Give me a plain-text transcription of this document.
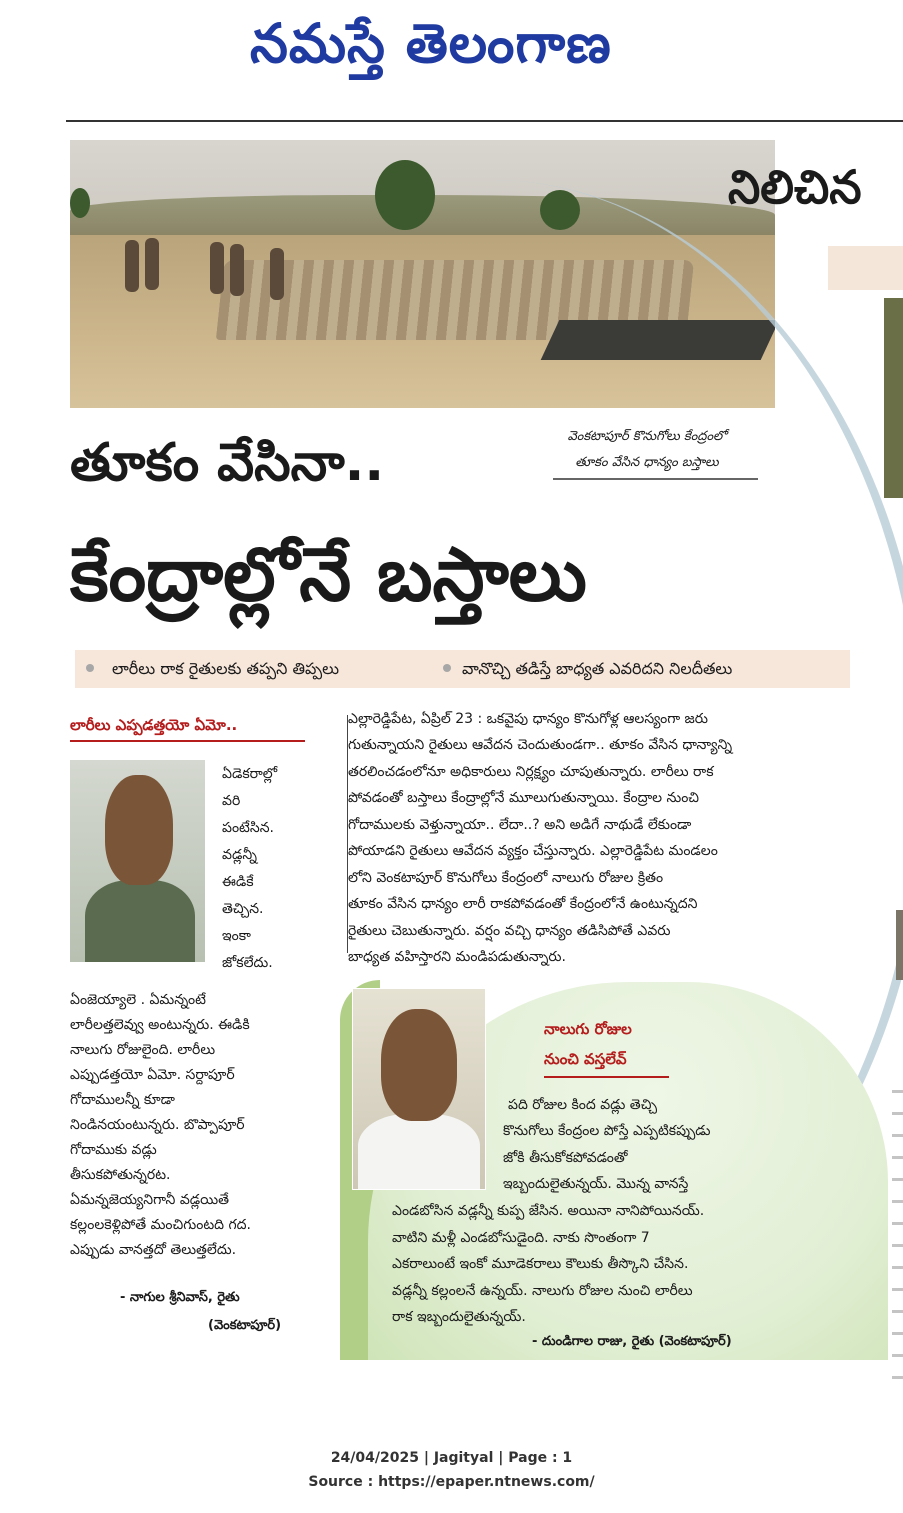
నమస్తే తెలంగాణ
నిలిచిన
వెంకటాపూర్ కొనుగోలు కేంద్రంలో
తూకం వేసిన ధాన్యం బస్తాలు
తూకం వేసినా..
కేంద్రాల్లోనే బస్తాలు
లారీలు రాక రైతులకు తప్పని తిప్పలు	వానొచ్చి తడిస్తే బాధ్యత ఎవరిదని నిలదీతలు
లారీలు ఎప్పడత్తయో ఏమో..
ఏడెకరాల్లో
వరి
పంటేసిన.
వడ్లన్నీ
ఈడికే
తెచ్చిన.
ఇంకా
జోకలేదు.
ఏంజెయ్యాలె . ఏమన్నంటే
లారీలత్తలెవ్వు అంటున్నరు. ఈడికి
నాలుగు రోజులైంది. లారీలు
ఎప్పుడత్తయో ఏమో. సర్దాపూర్
గోదాములన్నీ కూడా
నిండినయంటున్నరు. బొప్పాపూర్
గోదాముకు వడ్లు
తీసుకపోతున్నరట.
ఏమన్నజెయ్యనిగానీ వడ్లయితే
కల్లంలకెళ్లిపోతే మంచిగుంటది గద.
ఎప్పుడు వానత్తదో తెలుత్తలేదు.
- నాగుల శ్రీనివాస్, రైతు
(వెంకటాపూర్)
ఎల్లారెడ్డిపేట, ఏప్రిల్ 23 : ఒకవైపు ధాన్యం కొనుగోళ్ల ఆలస్యంగా జరు
గుతున్నాయని రైతులు ఆవేదన చెందుతుండగా.. తూకం వేసిన ధాన్యాన్ని
తరలించడంలోనూ అధికారులు నిర్లక్ష్యం చూపుతున్నారు. లారీలు రాక
పోవడంతో బస్తాలు కేంద్రాల్లోనే మూలుగుతున్నాయి. కేంద్రాల నుంచి
గోదాములకు వెళ్తున్నాయా.. లేదా..? అని అడిగే నాథుడే లేకుండా
పోయాడని రైతులు ఆవేదన వ్యక్తం చేస్తున్నారు. ఎల్లారెడ్డిపేట మండలం
లోని వెంకటాపూర్ కొనుగోలు కేంద్రంలో నాలుగు రోజుల క్రితం
తూకం వేసిన ధాన్యం లారీ రాకపోవడంతో కేంద్రంలోనే ఉంటున్నదని
రైతులు చెబుతున్నారు. వర్షం వచ్చి ధాన్యం తడిసిపోతే ఎవరు
బాధ్యత వహిస్తారని మండిపడుతున్నారు.
నాలుగు రోజుల
నుంచి వస్తలేవ్
పది రోజుల కింద వడ్లు తెచ్చి
కొనుగోలు కేంద్రంల పోస్తే ఎప్పటికప్పుడు
జోకి తీసుకోకపోవడంతో
ఇబ్బందులైతున్నయ్. మొన్న వానస్తే
ఎండబోసిన వడ్లన్నీ కుప్ప జేసిన. అయినా నానిపోయినయ్.
వాటిని మళ్లీ ఎండబోసుడైంది. నాకు సొంతంగా 7
ఎకరాలుంటే ఇంకో మూడెకరాలు కౌలుకు తీస్కొని చేసిన.
వడ్లన్నీ కల్లంలనే ఉన్నయ్. నాలుగు రోజుల నుంచి లారీలు
రాక ఇబ్బందులైతున్నయ్.
- దుండిగాల రాజు, రైతు (వెంకటాపూర్)
24/04/2025 | Jagityal | Page : 1
Source : https://epaper.ntnews.com/
